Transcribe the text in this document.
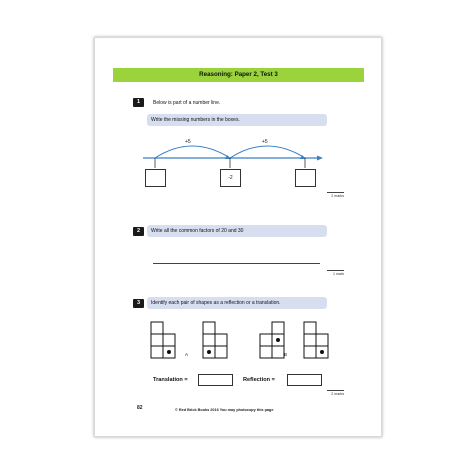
Reasoning: Paper 2, Test 3
1	Below is part of a number line.
Write the missing numbers in the boxes.
+5	+5
-2
2 marks
2	Write all the common factors of 20 and 30
1 mark
3	Identify each pair of shapes as a reflection or a translation.
A	B
Translation =	Reflection =
2 marks
82	© Red Brick Books 2016 You may photocopy this page
